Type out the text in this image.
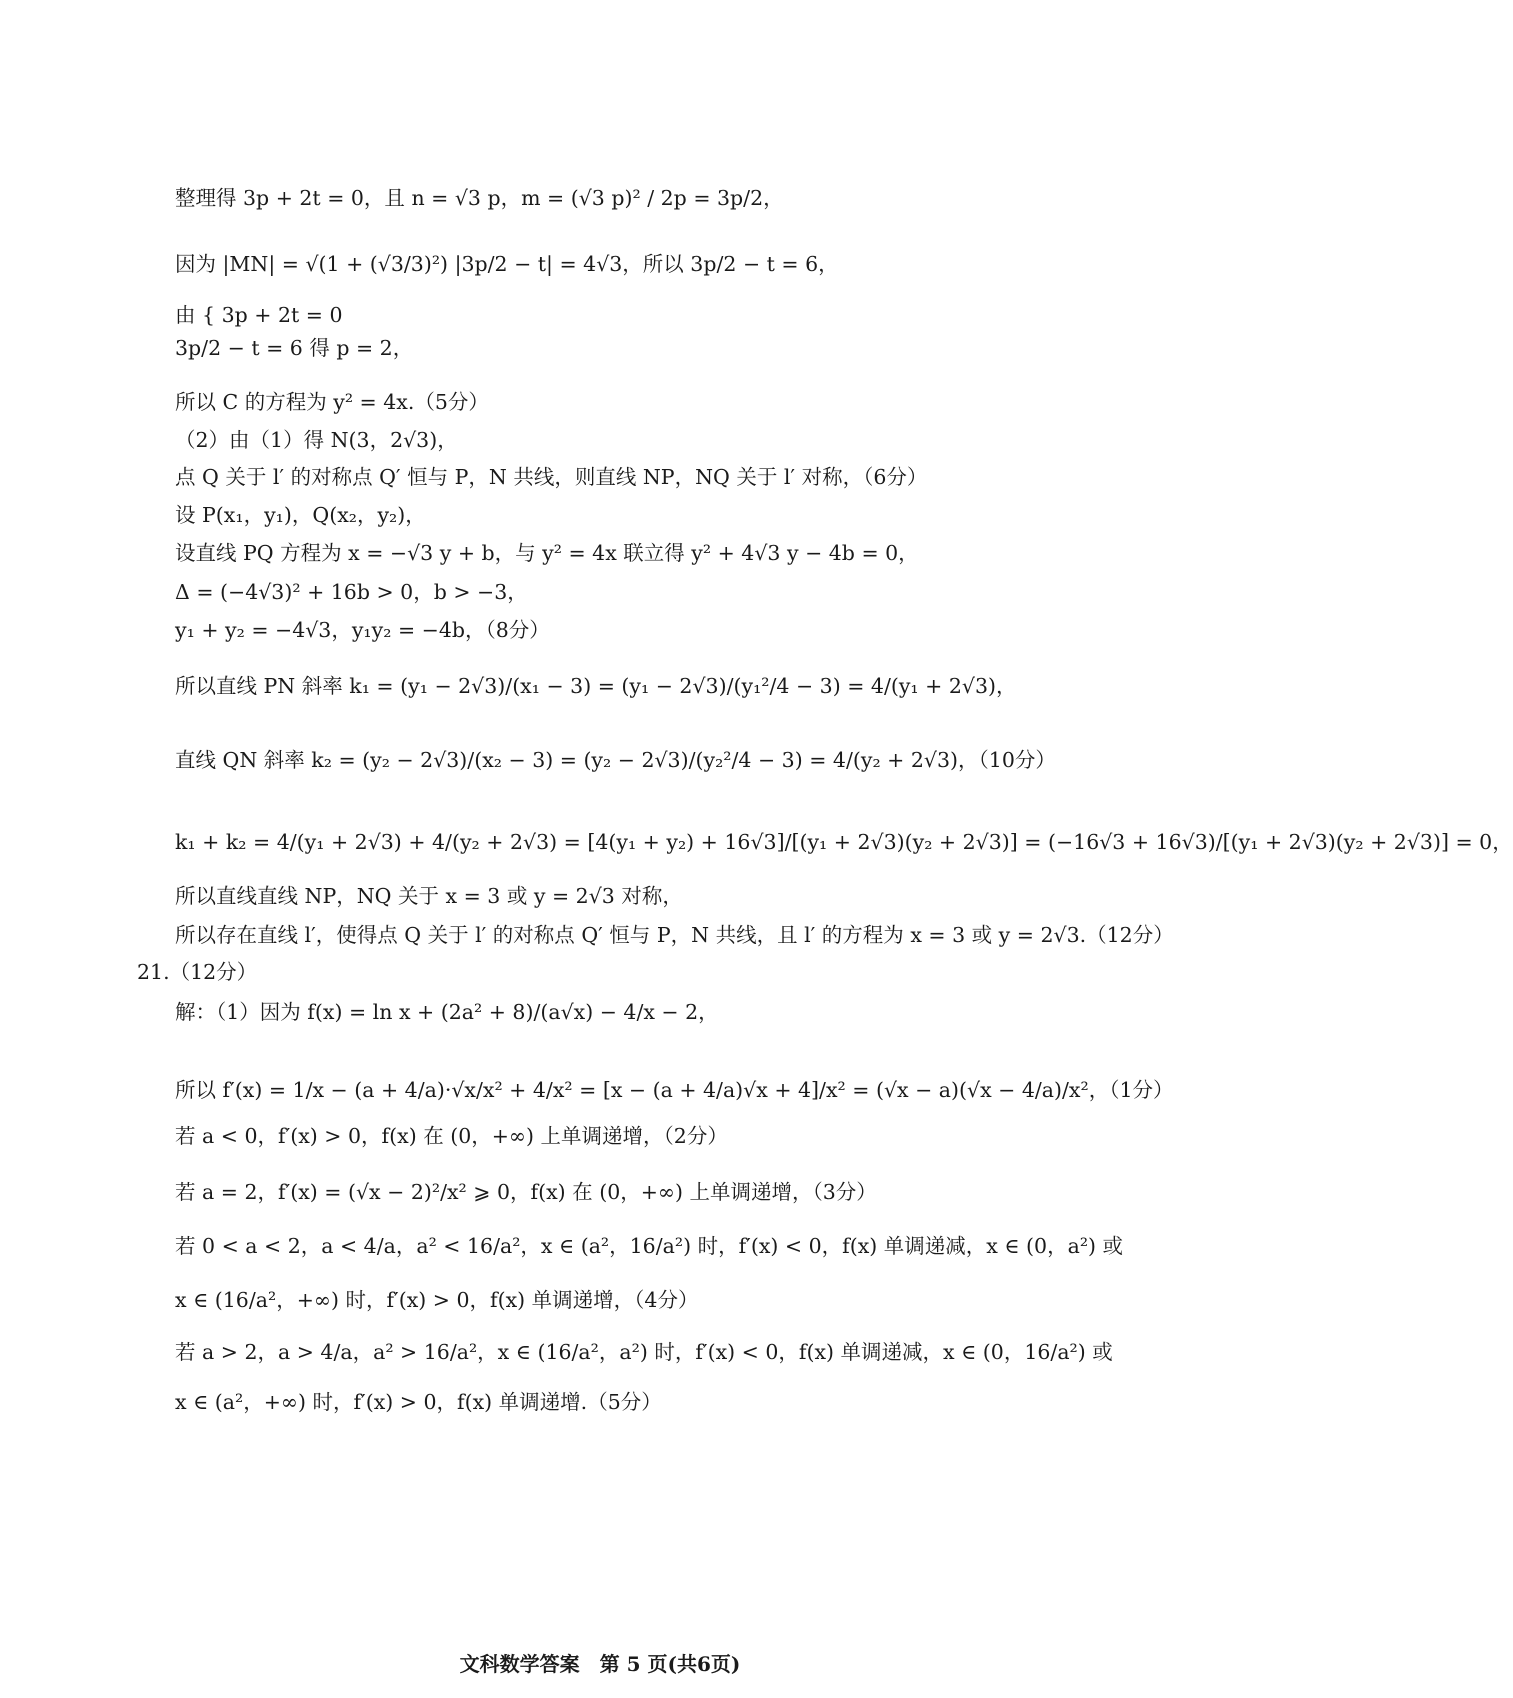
整理得 3p + 2t = 0，且 n = √3 p，m = (√3 p)² / 2p = 3p/2，
因为 |MN| = √(1 + (√3/3)²) |3p/2 − t| = 4√3，所以 3p/2 − t = 6，
由 { 3p + 2t = 0
3p/2 − t = 6 得 p = 2，
所以 C 的方程为 y² = 4x.（5分）
（2）由（1）得 N(3，2√3)，
点 Q 关于 l′ 的对称点 Q′ 恒与 P，N 共线，则直线 NP，NQ 关于 l′ 对称，（6分）
设 P(x₁，y₁)，Q(x₂，y₂)，
设直线 PQ 方程为 x = −√3 y + b，与 y² = 4x 联立得 y² + 4√3 y − 4b = 0，
Δ = (−4√3)² + 16b > 0，b > −3，
y₁ + y₂ = −4√3，y₁y₂ = −4b，（8分）
所以直线 PN 斜率 k₁ = (y₁ − 2√3)/(x₁ − 3) = (y₁ − 2√3)/(y₁²/4 − 3) = 4/(y₁ + 2√3)，
直线 QN 斜率 k₂ = (y₂ − 2√3)/(x₂ − 3) = (y₂ − 2√3)/(y₂²/4 − 3) = 4/(y₂ + 2√3)，（10分）
k₁ + k₂ = 4/(y₁ + 2√3) + 4/(y₂ + 2√3) = [4(y₁ + y₂) + 16√3]/[(y₁ + 2√3)(y₂ + 2√3)] = (−16√3 + 16√3)/[(y₁ + 2√3)(y₂ + 2√3)] = 0，
所以直线直线 NP，NQ 关于 x = 3 或 y = 2√3 对称，
所以存在直线 l′，使得点 Q 关于 l′ 的对称点 Q′ 恒与 P，N 共线，且 l′ 的方程为 x = 3 或 y = 2√3.（12分）
21.（12分）
解：（1）因为 f(x) = ln x + (2a² + 8)/(a√x) − 4/x − 2，
所以 f′(x) = 1/x − (a + 4/a)·√x/x² + 4/x² = [x − (a + 4/a)√x + 4]/x² = (√x − a)(√x − 4/a)/x²，（1分）
若 a < 0，f′(x) > 0，f(x) 在 (0，+∞) 上单调递增，（2分）
若 a = 2，f′(x) = (√x − 2)²/x² ⩾ 0，f(x) 在 (0，+∞) 上单调递增，（3分）
若 0 < a < 2，a < 4/a，a² < 16/a²，x ∈ (a²，16/a²) 时，f′(x) < 0，f(x) 单调递减，x ∈ (0，a²) 或
x ∈ (16/a²，+∞) 时，f′(x) > 0，f(x) 单调递增，（4分）
若 a > 2，a > 4/a，a² > 16/a²，x ∈ (16/a²，a²) 时，f′(x) < 0，f(x) 单调递减，x ∈ (0，16/a²) 或
x ∈ (a²，+∞) 时，f′(x) > 0，f(x) 单调递增.（5分）
文科数学答案　第 5 页(共6页)
